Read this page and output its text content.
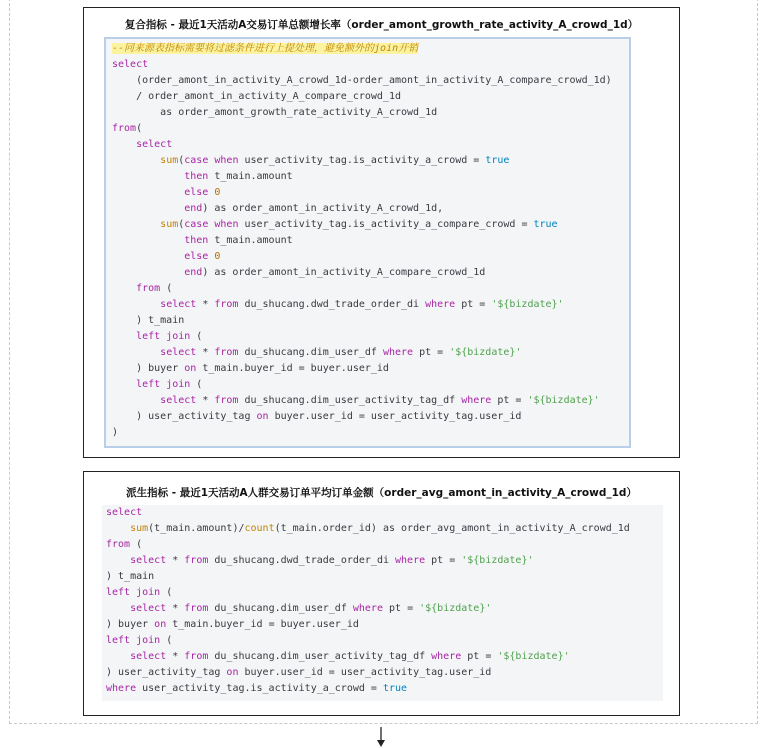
复合指标 - 最近1天活动A交易订单总额增长率（order_amont_growth_rate_activity_A_crowd_1d）
--同来源表指标需要将过滤条件进行上提处理，避免额外的join开销
select
(order_amont_in_activity_A_crowd_1d-order_amont_in_activity_A_compare_crowd_1d)
/ order_amont_in_activity_A_compare_crowd_1d
as order_amont_growth_rate_activity_A_crowd_1d
from(
select
sum(case when user_activity_tag.is_activity_a_crowd = true
then t_main.amount
else 0
end) as order_amont_in_activity_A_crowd_1d,
sum(case when user_activity_tag.is_activity_a_compare_crowd = true
then t_main.amount
else 0
end) as order_amont_in_activity_A_compare_crowd_1d
from (
select * from du_shucang.dwd_trade_order_di where pt = '${bizdate}'
) t_main
left join (
select * from du_shucang.dim_user_df where pt = '${bizdate}'
) buyer on t_main.buyer_id = buyer.user_id
left join (
select * from du_shucang.dim_user_activity_tag_df where pt = '${bizdate}'
) user_activity_tag on buyer.user_id = user_activity_tag.user_id
)
派生指标 - 最近1天活动A人群交易订单平均订单金额（order_avg_amont_in_activity_A_crowd_1d）
select
sum(t_main.amount)/count(t_main.order_id) as order_avg_amont_in_activity_A_crowd_1d
from (
select * from du_shucang.dwd_trade_order_di where pt = '${bizdate}'
) t_main
left join (
select * from du_shucang.dim_user_df where pt = '${bizdate}'
) buyer on t_main.buyer_id = buyer.user_id
left join (
select * from du_shucang.dim_user_activity_tag_df where pt = '${bizdate}'
) user_activity_tag on buyer.user_id = user_activity_tag.user_id
where user_activity_tag.is_activity_a_crowd = true
